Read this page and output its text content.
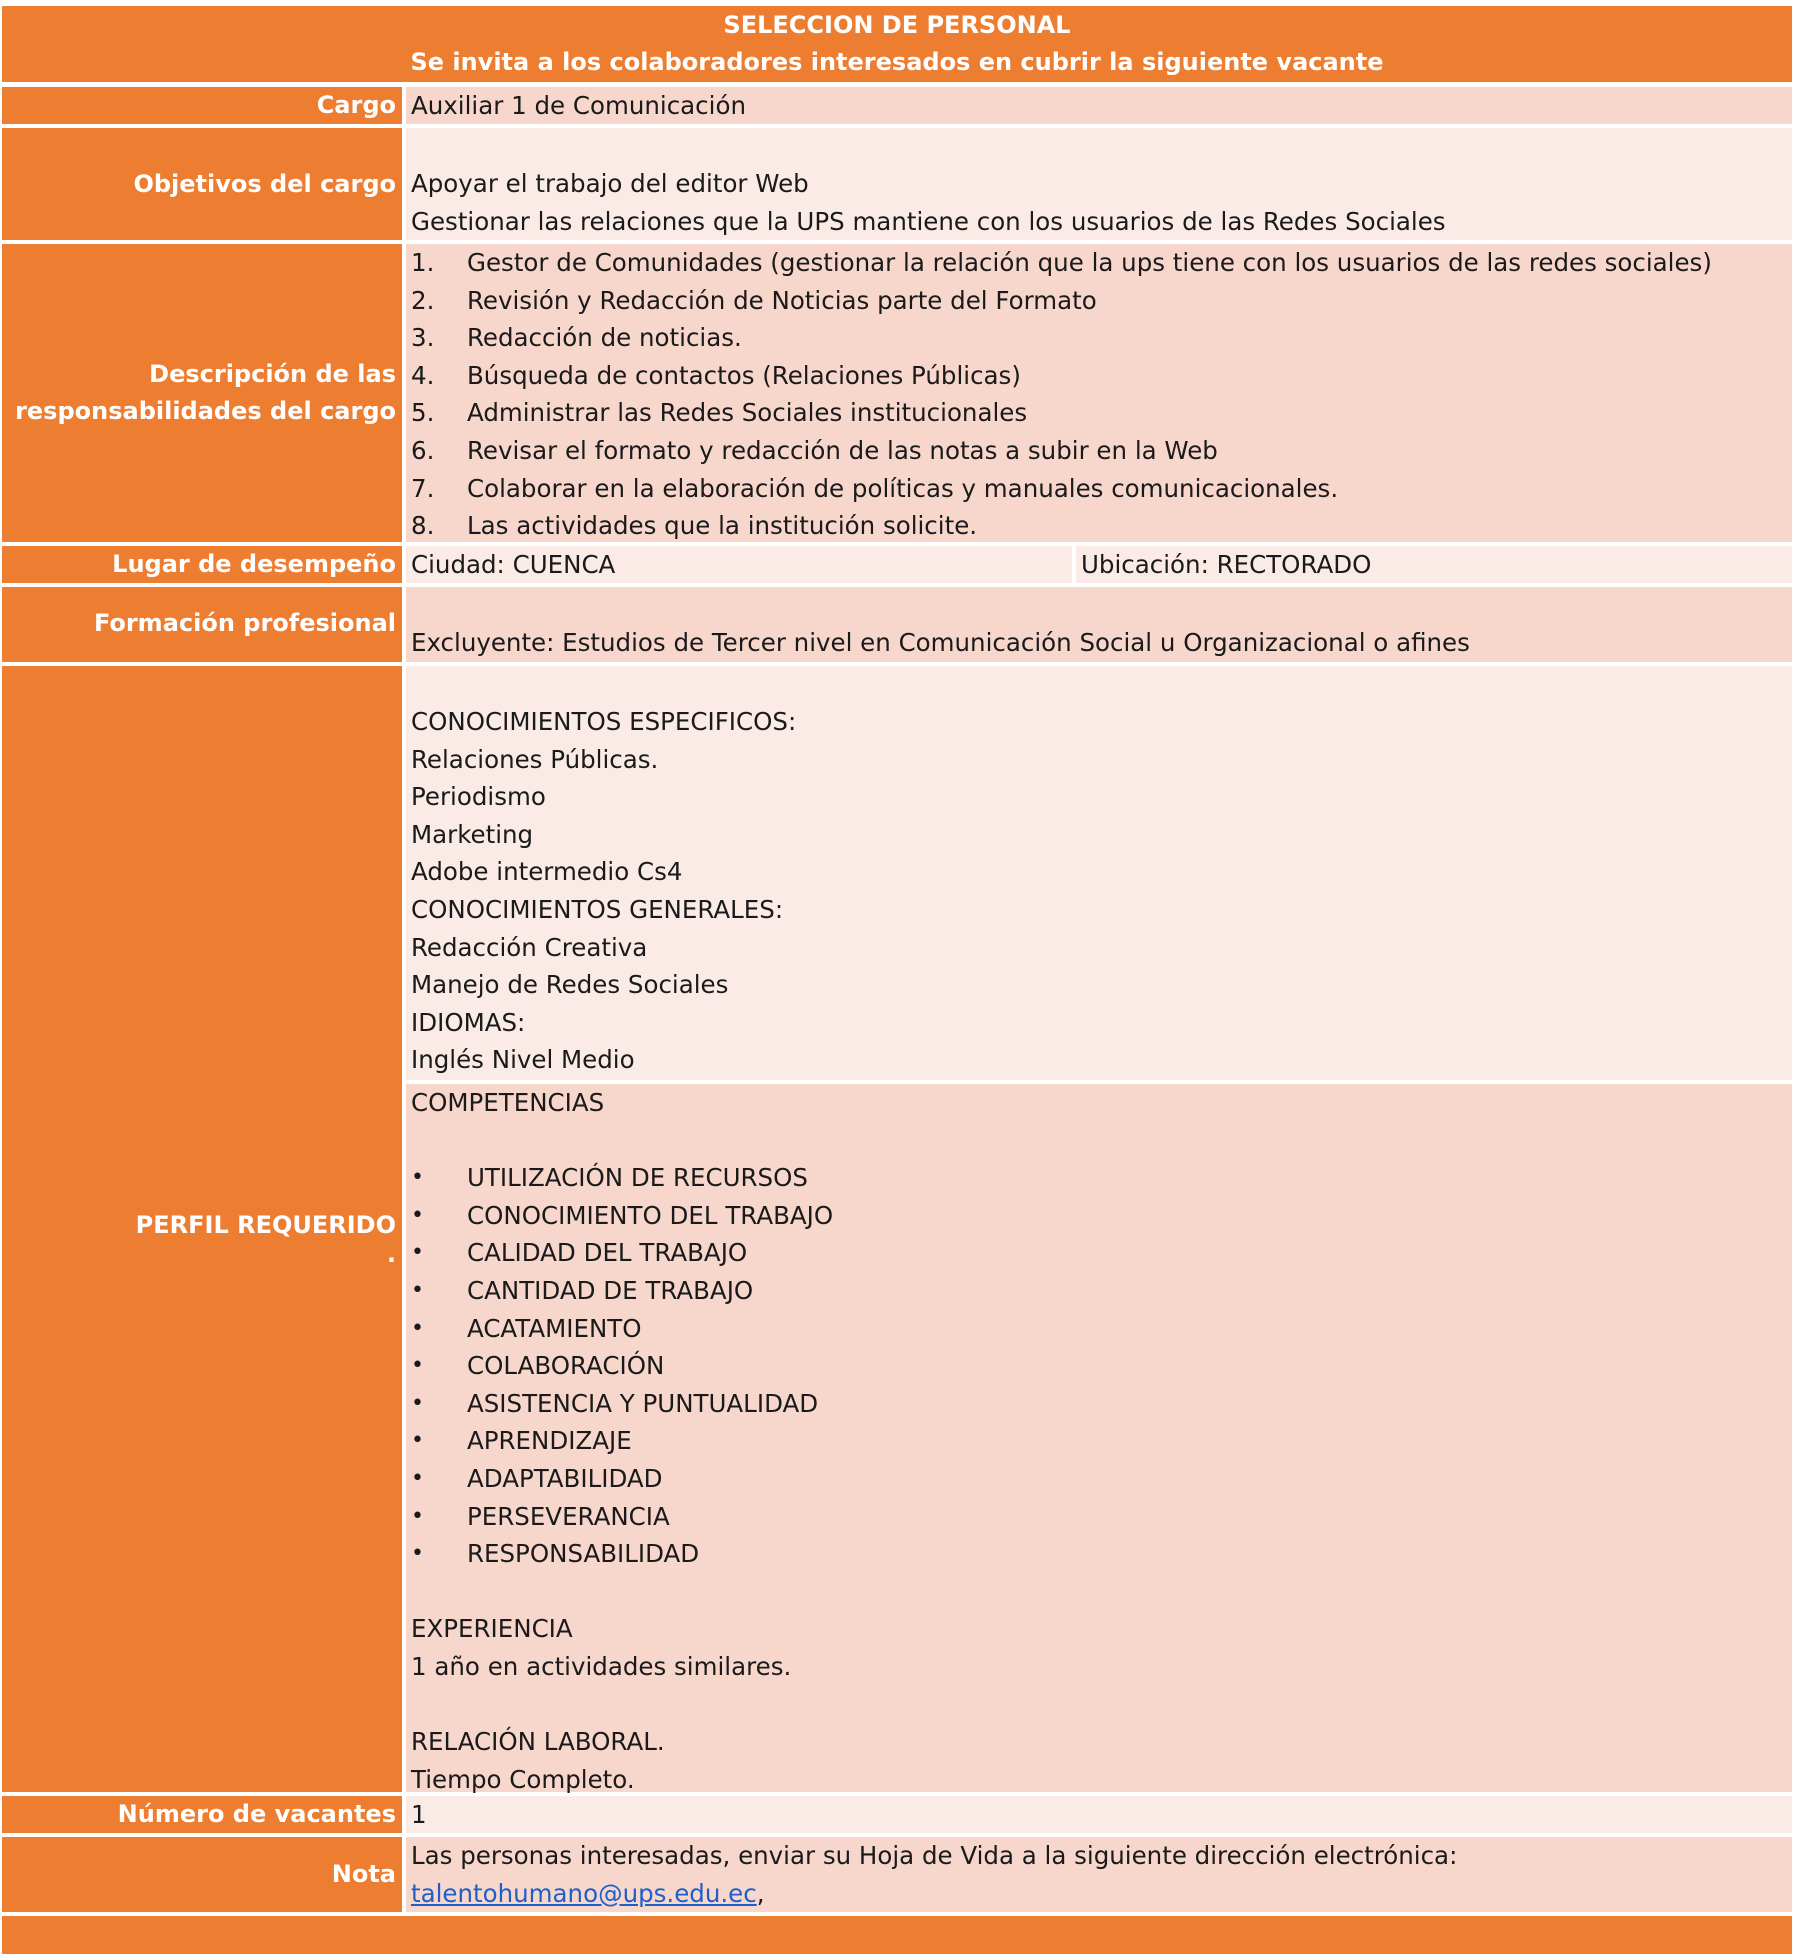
SELECCION DE PERSONAL
Se invita a los colaboradores interesados en cubrir la siguiente vacante
Cargo Auxiliar 1 de Comunicación
Objetivos del cargo Apoyar el trabajo del editor Web
Gestionar las relaciones que la UPS mantiene con los usuarios de las Redes Sociales
Descripción de las
responsabilidades del cargo
1. Gestor de Comunidades (gestionar la relación que la ups tiene con los usuarios de las redes sociales)
2. Revisión y Redacción de Noticias parte del Formato
3. Redacción de noticias.
4. Búsqueda de contactos (Relaciones Públicas)
5. Administrar las Redes Sociales institucionales
6. Revisar el formato y redacción de las notas a subir en la Web
7. Colaborar en la elaboración de políticas y manuales comunicacionales.
8. Las actividades que la institución solicite.
Lugar de desempeño Ciudad: CUENCA	Ubicación: RECTORADO
Formación profesional
Excluyente: Estudios de Tercer nivel en Comunicación Social u Organizacional o afines
PERFIL REQUERIDO
.
CONOCIMIENTOS ESPECIFICOS:
Relaciones Públicas.
Periodismo
Marketing
Adobe intermedio Cs4
CONOCIMIENTOS GENERALES:
Redacción Creativa
Manejo de Redes Sociales
IDIOMAS:
Inglés Nivel Medio
COMPETENCIAS
• UTILIZACIÓN DE RECURSOS
• CONOCIMIENTO DEL TRABAJO
• CALIDAD DEL TRABAJO
• CANTIDAD DE TRABAJO
• ACATAMIENTO
• COLABORACIÓN
• ASISTENCIA Y PUNTUALIDAD
• APRENDIZAJE
• ADAPTABILIDAD
• PERSEVERANCIA
• RESPONSABILIDAD
EXPERIENCIA
1 año en actividades similares.
RELACIÓN LABORAL.
Tiempo Completo.
Número de vacantes 1
Nota
Las personas interesadas, enviar su Hoja de Vida a la siguiente dirección electrónica: talentohumano@ups.edu.ec,
